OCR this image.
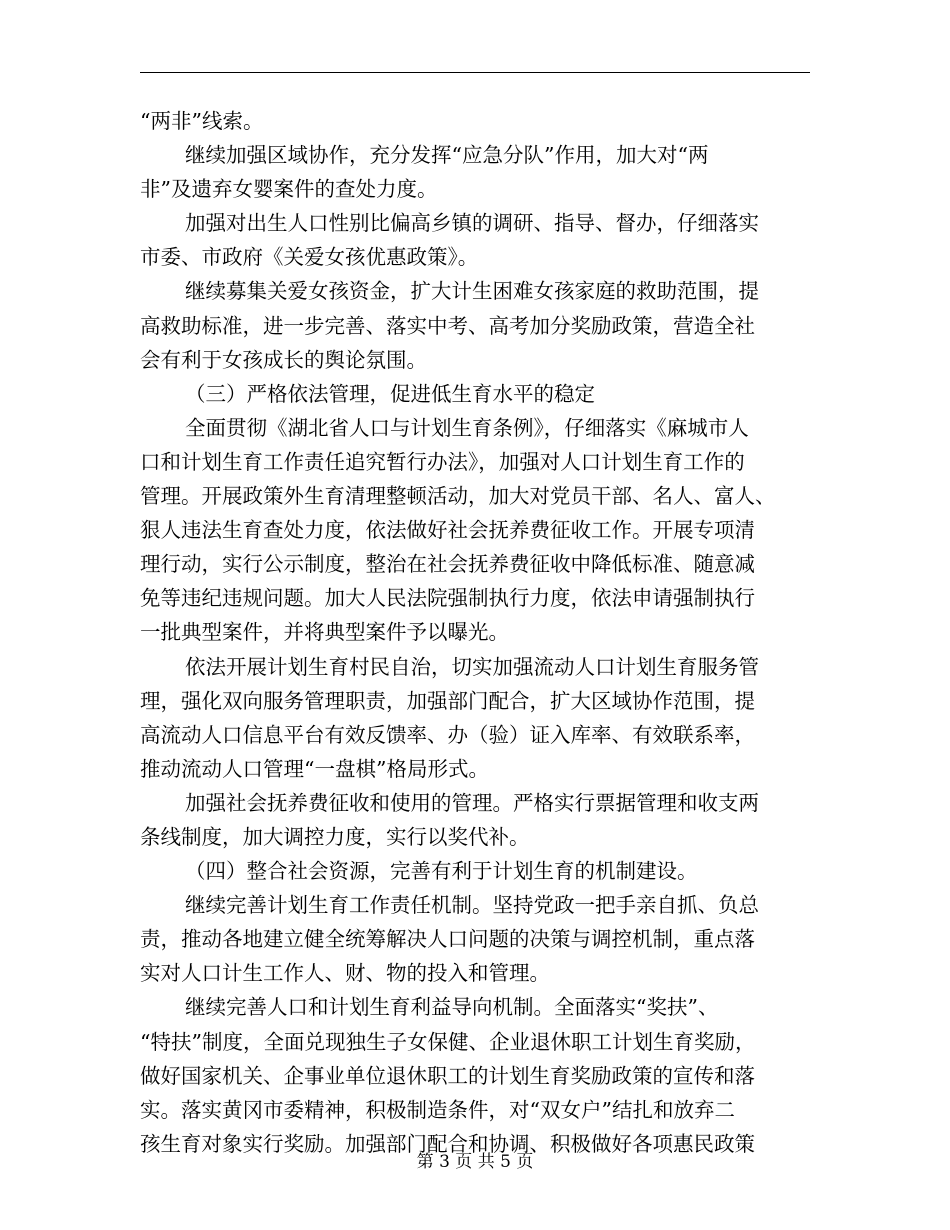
“两非”线索。
继续加强区域协作，充分发挥“应急分队”作用，加大对“两
非”及遗弃女婴案件的查处力度。
加强对出生人口性别比偏高乡镇的调研、指导、督办，仔细落实
市委、市政府《关爱女孩优惠政策》。
继续募集关爱女孩资金，扩大计生困难女孩家庭的救助范围，提
高救助标准，进一步完善、落实中考、高考加分奖励政策，营造全社
会有利于女孩成长的舆论氛围。
（三）严格依法管理，促进低生育水平的稳定
全面贯彻《湖北省人口与计划生育条例》，仔细落实《麻城市人
口和计划生育工作责任追究暂行办法》，加强对人口计划生育工作的
管理。开展政策外生育清理整顿活动，加大对党员干部、名人、富人、
狠人违法生育查处力度，依法做好社会抚养费征收工作。开展专项清
理行动，实行公示制度，整治在社会抚养费征收中降低标准、随意减
免等违纪违规问题。加大人民法院强制执行力度，依法申请强制执行
一批典型案件，并将典型案件予以曝光。
依法开展计划生育村民自治，切实加强流动人口计划生育服务管
理，强化双向服务管理职责，加强部门配合，扩大区域协作范围，提
高流动人口信息平台有效反馈率、办（验）证入库率、有效联系率，
推动流动人口管理“一盘棋”格局形式。
加强社会抚养费征收和使用的管理。严格实行票据管理和收支两
条线制度，加大调控力度，实行以奖代补。
（四）整合社会资源，完善有利于计划生育的机制建设。
继续完善计划生育工作责任机制。坚持党政一把手亲自抓、负总
责，推动各地建立健全统筹解决人口问题的决策与调控机制，重点落
实对人口计生工作人、财、物的投入和管理。
继续完善人口和计划生育利益导向机制。全面落实“奖扶”、
“特扶”制度，全面兑现独生子女保健、企业退休职工计划生育奖励，
做好国家机关、企事业单位退休职工的计划生育奖励政策的宣传和落
实。落实黄冈市委精神，积极制造条件，对“双女户”结扎和放弃二
孩生育对象实行奖励。加强部门配合和协调、积极做好各项惠民政策
第 3 页 共 5 页
